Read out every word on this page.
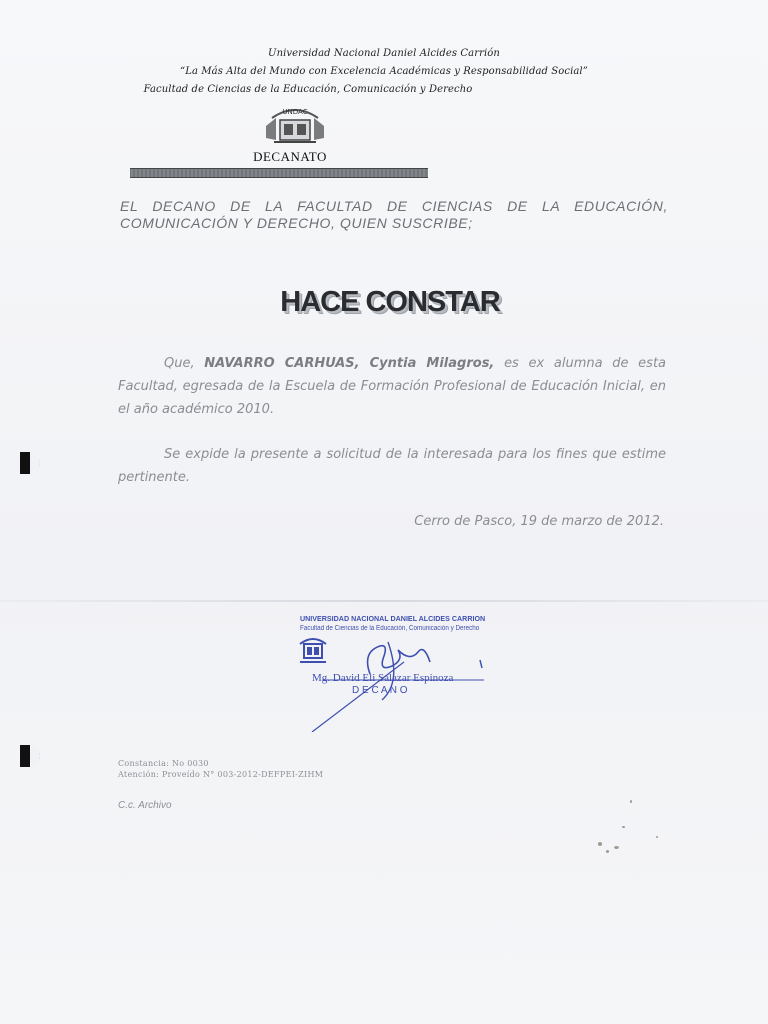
Universidad Nacional Daniel Alcides Carrión
“La Más Alta del Mundo con Excelencia Académicas y Responsabilidad Social”
Facultad de Ciencias de la Educación, Comunicación y Derecho
UNDAC
DECANATO
EL DECANO DE LA FACULTAD DE CIENCIAS DE LA EDUCACIÓN, COMUNICACIÓN Y DERECHO, QUIEN SUSCRIBE;
HACE CONSTAR
Que, NAVARRO CARHUAS, Cyntia Milagros, es ex alumna de esta Facultad, egresada de la Escuela de Formación Profesional de Educación Inicial, en el año académico 2010.
Se expide la presente a solicitud de la interesada para los fines que estime pertinente.
Cerro de Pasco, 19 de marzo de 2012.
UNIVERSIDAD NACIONAL DANIEL ALCIDES CARRION
Facultad de Ciencias de la Educación, Comunicación y Derecho
Mg. David Eli Salazar Espinoza
D E C A N O
Constancia: No 0030
Atención: Proveído N° 003-2012-DEFPEI-ZIHM
C.c. Archivo
